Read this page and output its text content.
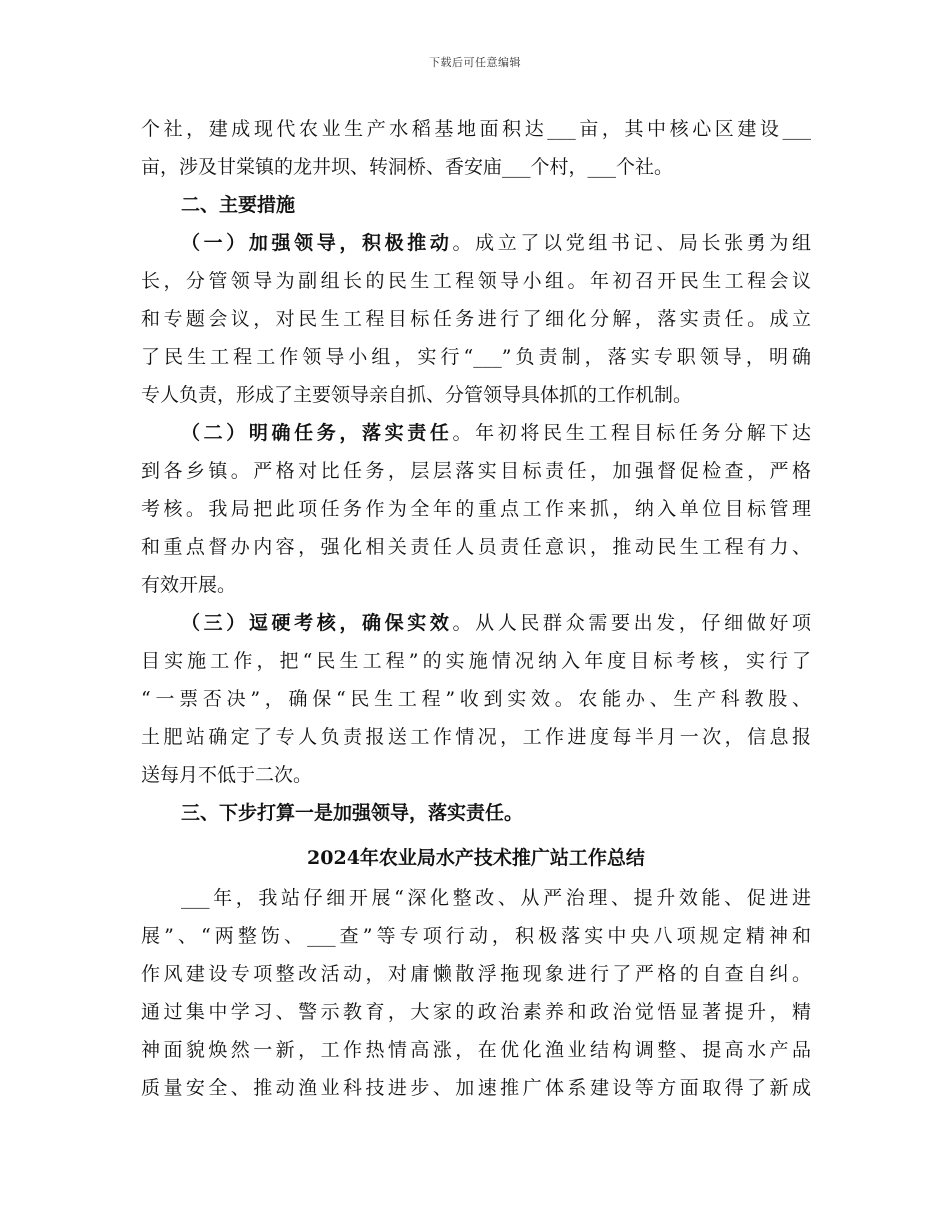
下载后可任意编辑
个社，建成现代农业生产水稻基地面积达___亩，其中核心区建设___
亩，涉及甘棠镇的龙井坝、转洞桥、香安庙___个村，___个社。
二、主要措施
（一）加强领导，积极推动。成立了以党组书记、局长张勇为组
长，分管领导为副组长的民生工程领导小组。年初召开民生工程会议
和专题会议，对民生工程目标任务进行了细化分解，落实责任。成立
了民生工程工作领导小组，实行“___”负责制，落实专职领导，明确
专人负责，形成了主要领导亲自抓、分管领导具体抓的工作机制。
（二）明确任务，落实责任。年初将民生工程目标任务分解下达
到各乡镇。严格对比任务，层层落实目标责任，加强督促检查，严格
考核。我局把此项任务作为全年的重点工作来抓，纳入单位目标管理
和重点督办内容，强化相关责任人员责任意识，推动民生工程有力、
有效开展。
（三）逗硬考核，确保实效。从人民群众需要出发，仔细做好项
目实施工作，把“民生工程”的实施情况纳入年度目标考核，实行了
“一票否决”，确保“民生工程”收到实效。农能办、生产科教股、
土肥站确定了专人负责报送工作情况，工作进度每半月一次，信息报
送每月不低于二次。
三、下步打算一是加强领导，落实责任。
2024年农业局水产技术推广站工作总结
___年，我站仔细开展“深化整改、从严治理、提升效能、促进进
展”、“两整饬、___查”等专项行动，积极落实中央八项规定精神和
作风建设专项整改活动，对庸懒散浮拖现象进行了严格的自查自纠。
通过集中学习、警示教育，大家的政治素养和政治觉悟显著提升，精
神面貌焕然一新，工作热情高涨，在优化渔业结构调整、提高水产品
质量安全、推动渔业科技进步、加速推广体系建设等方面取得了新成
